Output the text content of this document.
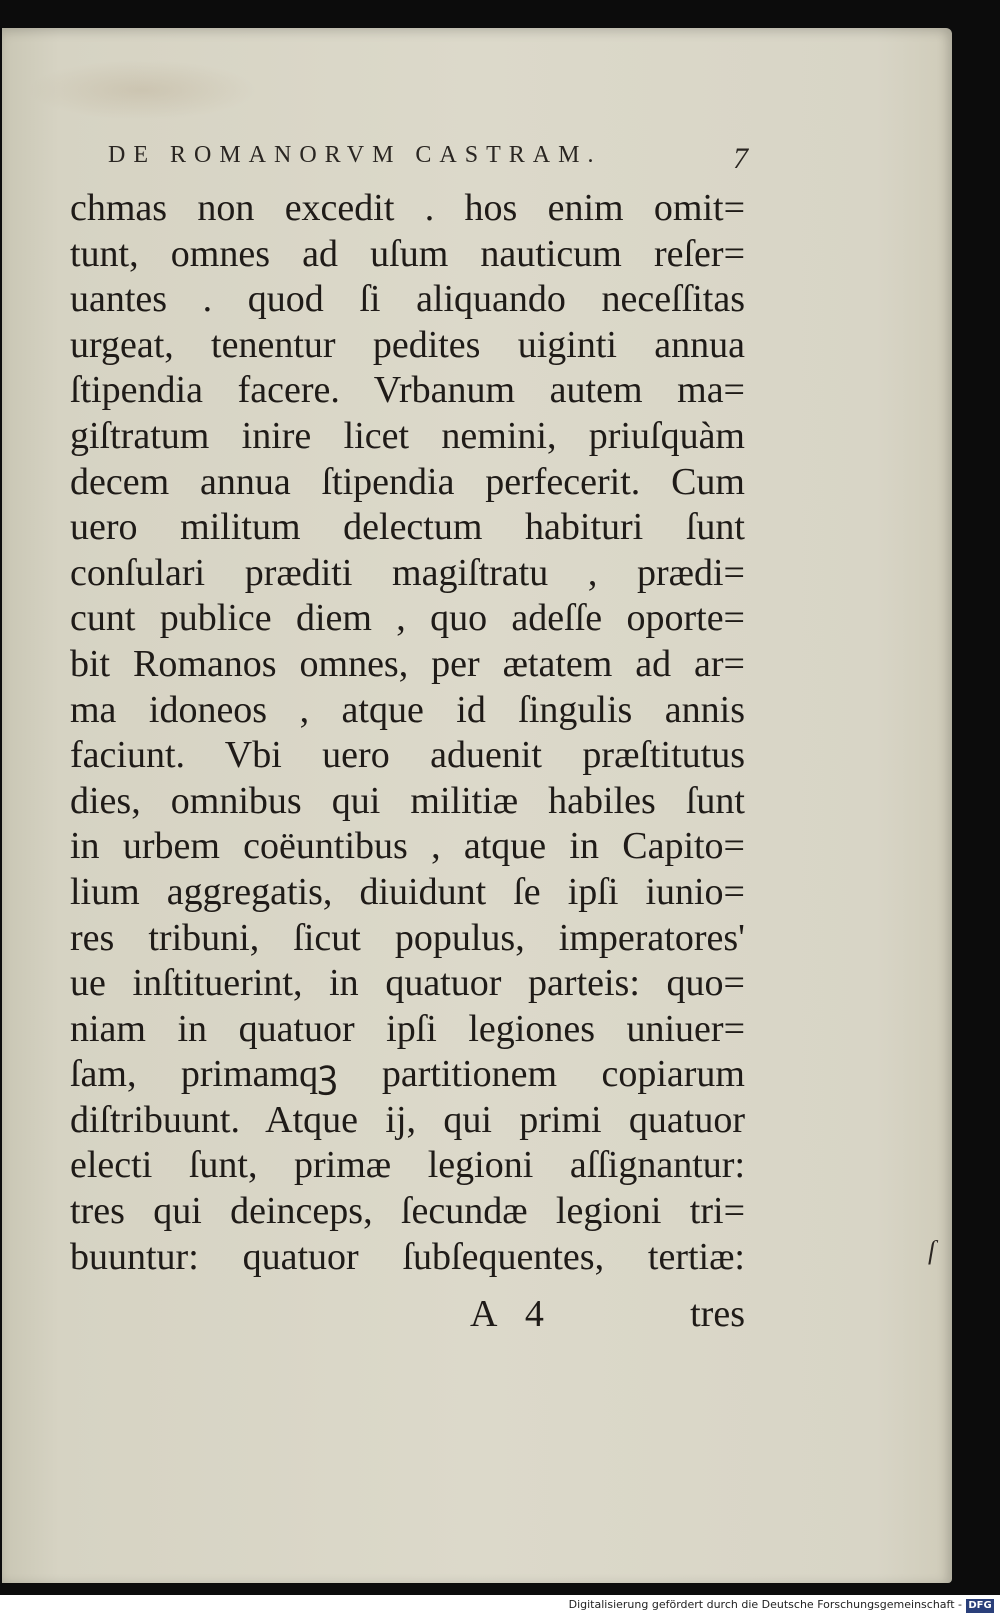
DE ROMANORVM CASTRAM.	7
chmas non excedit . hos enim omit=
tunt, omnes ad uſum nauticum reſer=
uantes . quod ſi aliquando neceſſitas
urgeat, tenentur pedites uiginti annua
ſtipendia facere. Vrbanum autem ma=
giſtratum inire licet nemini, priuſquàm
decem annua ſtipendia perfecerit. Cum
uero militum delectum habituri ſunt
conſulari præditi magiſtratu , prædi=
cunt publice diem , quo adeſſe oporte=
bit Romanos omnes, per ætatem ad ar=
ma idoneos , atque id ſingulis annis
faciunt. Vbi uero aduenit præſtitutus
dies, omnibus qui militiæ habiles ſunt
in urbem coëuntibus , atque in Capito=
lium aggregatis, diuidunt ſe ipſi iunio=
res tribuni, ſicut populus, imperatores'
ue inſtituerint, in quatuor parteis: quo=
niam in quatuor ipſi legiones uniuer=
ſam, primamqꝫ partitionem copiarum
diſtribuunt. Atque ij, qui primi quatuor
electi ſunt, primæ legioni aſſignantur:
tres qui deinceps, ſecundæ legioni tri=
buuntur: quatuor ſubſequentes, tertiæ:
A 4	tres
ſ
Digitalisierung gefördert durch die Deutsche Forschungsgemeinschaft - DFG
